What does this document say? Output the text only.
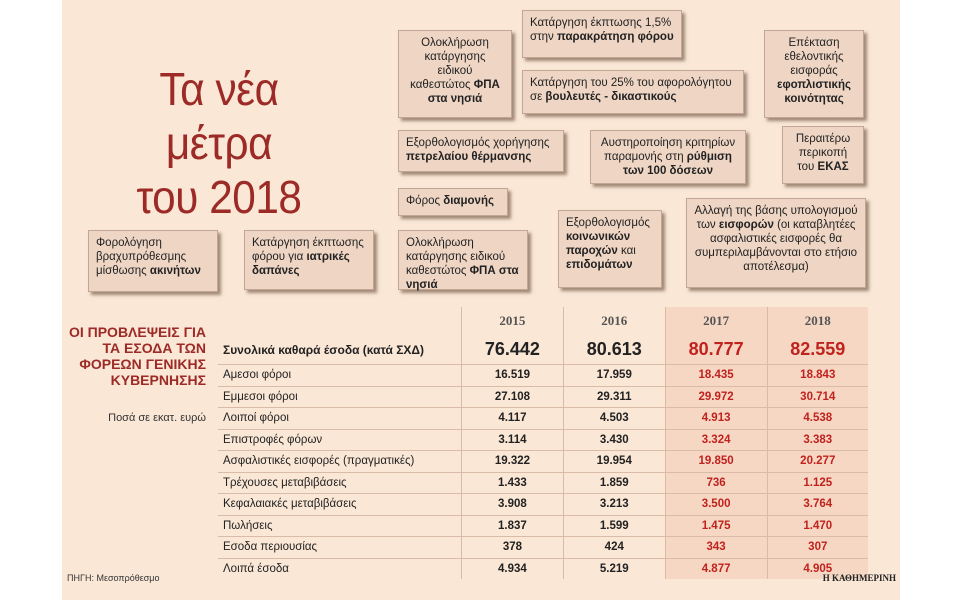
Τα νέα μέτρα
του 2018
Ολοκλήρωση κατάργησης ειδικού καθεστώτος ΦΠΑ στα νησιά
Κατάργηση έκπτωσης 1,5% στην παρακράτηση φόρου
Κατάργηση του 25% του αφορολόγητου σε βουλευτές - δικαστικούς
Επέκταση εθελοντικής εισφοράς εφοπλιστικής κοινότητας
Εξορθολογισμός χορήγησης πετρελαίου θέρμανσης
Αυστηροποίηση κριτηρίων παραμονής στη ρύθμιση των 100 δόσεων
Περαιτέρω περικοπή του ΕΚΑΣ
Φόρος διαμονής
Φορολόγηση βραχυπρόθεσμης μίσθωσης ακινήτων
Κατάργηση έκπτωσης φόρου για ιατρικές δαπάνες
Ολοκλήρωση κατάργησης ειδικού καθεστώτος ΦΠΑ στα νησιά
Εξορθολογισμός κοινωνικών παροχών και επιδομάτων
Αλλαγή της βάσης υπολογισμού των εισφορών (οι καταβλητέες ασφαλιστικές εισφορές θα συμπεριλαμβάνονται στο ετήσιο αποτέλεσμα)
ΟΙ ΠΡΟΒΛΕΨΕΙΣ ΓΙΑ ΤΑ ΕΣΟΔΑ ΤΩΝ ΦΟΡΕΩΝ ΓΕΝΙΚΗΣ ΚΥΒΕΡΝΗΣΗΣ
Ποσά σε εκατ. ευρώ
	2015	2016	2017	2018
Συνολικά καθαρά έσοδα (κατά ΣΧΔ)	76.442	80.613	80.777	82.559
Αμεσοι φόροι	16.519	17.959	18.435	18.843
Εμμεσοι φόροι	27.108	29.311	29.972	30.714
Λοιποί φόροι	4.117	4.503	4.913	4.538
Επιστροφές φόρων	3.114	3.430	3.324	3.383
Ασφαλιστικές εισφορές (πραγματικές)	19.322	19.954	19.850	20.277
Τρέχουσες μεταβιβάσεις	1.433	1.859	736	1.125
Κεφαλαιακές μεταβιβάσεις	3.908	3.213	3.500	3.764
Πωλήσεις	1.837	1.599	1.475	1.470
Εσοδα περιουσίας	378	424	343	307
Λοιπά έσοδα	4.934	5.219	4.877	4.905
ΠΗΓΗ: Μεσοπρόθεσμο	Η ΚΑΘΗΜΕΡΙΝΗ
